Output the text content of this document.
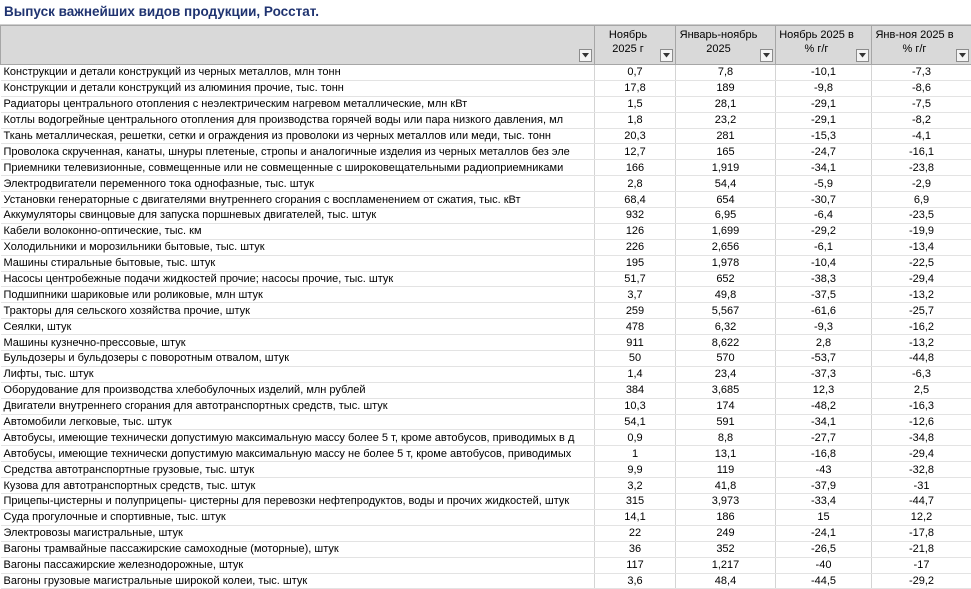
Выпуск важнейших видов продукции, Росстат.
	Ноябрь 2025 г	Январь-ноябрь 2025	Ноябрь 2025 в % г/г	Янв-ноя 2025 в % г/г

Конструкции и детали конструкций из черных металлов, млн тонн	0,7	7,8	-10,1	-7,3
Конструкции и детали конструкций из алюминия прочие, тыс. тонн	17,8	189	-9,8	-8,6
Радиаторы центрального отопления с неэлектрическим нагревом металлические, млн кВт	1,5	28,1	-29,1	-7,5
Котлы водогрейные центрального отопления для производства горячей воды или пара низкого давления, мл	1,8	23,2	-29,1	-8,2
Ткань металлическая, решетки, сетки и ограждения из проволоки из черных металлов или меди, тыс. тонн	20,3	281	-15,3	-4,1
Проволока скрученная, канаты, шнуры плетеные, стропы и аналогичные изделия из черных металлов без эле	12,7	165	-24,7	-16,1
Приемники телевизионные, совмещенные или не совмещенные с широковещательными радиоприемниками	166	1,919	-34,1	-23,8
Электродвигатели переменного тока однофазные, тыс. штук	2,8	54,4	-5,9	-2,9
Установки генераторные с двигателями внутреннего сгорания с воспламенением от сжатия, тыс. кВт	68,4	654	-30,7	6,9
Аккумуляторы свинцовые для запуска поршневых двигателей, тыс. штук	932	6,95	-6,4	-23,5
Кабели волоконно-оптические, тыс. км	126	1,699	-29,2	-19,9
Холодильники и морозильники бытовые, тыс. штук	226	2,656	-6,1	-13,4
Машины стиральные бытовые, тыс. штук	195	1,978	-10,4	-22,5
Насосы центробежные подачи жидкостей прочие; насосы прочие, тыс. штук	51,7	652	-38,3	-29,4
Подшипники шариковые или роликовые, млн штук	3,7	49,8	-37,5	-13,2
Тракторы для сельского хозяйства прочие, штук	259	5,567	-61,6	-25,7
Сеялки, штук	478	6,32	-9,3	-16,2
Машины кузнечно-прессовые, штук	911	8,622	2,8	-13,2
Бульдозеры и бульдозеры с поворотным отвалом, штук	50	570	-53,7	-44,8
Лифты, тыс. штук	1,4	23,4	-37,3	-6,3
Оборудование для производства хлебобулочных изделий, млн рублей	384	3,685	12,3	2,5
Двигатели внутреннего сгорания для автотранспортных средств, тыс. штук	10,3	174	-48,2	-16,3
Автомобили легковые, тыс. штук	54,1	591	-34,1	-12,6
Автобусы, имеющие технически допустимую максимальную массу более 5 т, кроме автобусов, приводимых в д	0,9	8,8	-27,7	-34,8
Автобусы, имеющие технически допустимую максимальную массу не более 5 т, кроме автобусов, приводимых	1	13,1	-16,8	-29,4
Средства автотранспортные грузовые, тыс. штук	9,9	119	-43	-32,8
Кузова для автотранспортных средств, тыс. штук	3,2	41,8	-37,9	-31
Прицепы-цистерны и полуприцепы- цистерны для перевозки нефтепродуктов, воды и прочих жидкостей, штук	315	3,973	-33,4	-44,7
Суда прогулочные и спортивные, тыс. штук	14,1	186	15	12,2
Электровозы магистральные, штук	22	249	-24,1	-17,8
Вагоны трамвайные пассажирские самоходные (моторные), штук	36	352	-26,5	-21,8
Вагоны пассажирские железнодорожные, штук	117	1,217	-40	-17
Вагоны грузовые магистральные широкой колеи, тыс. штук	3,6	48,4	-44,5	-29,2
